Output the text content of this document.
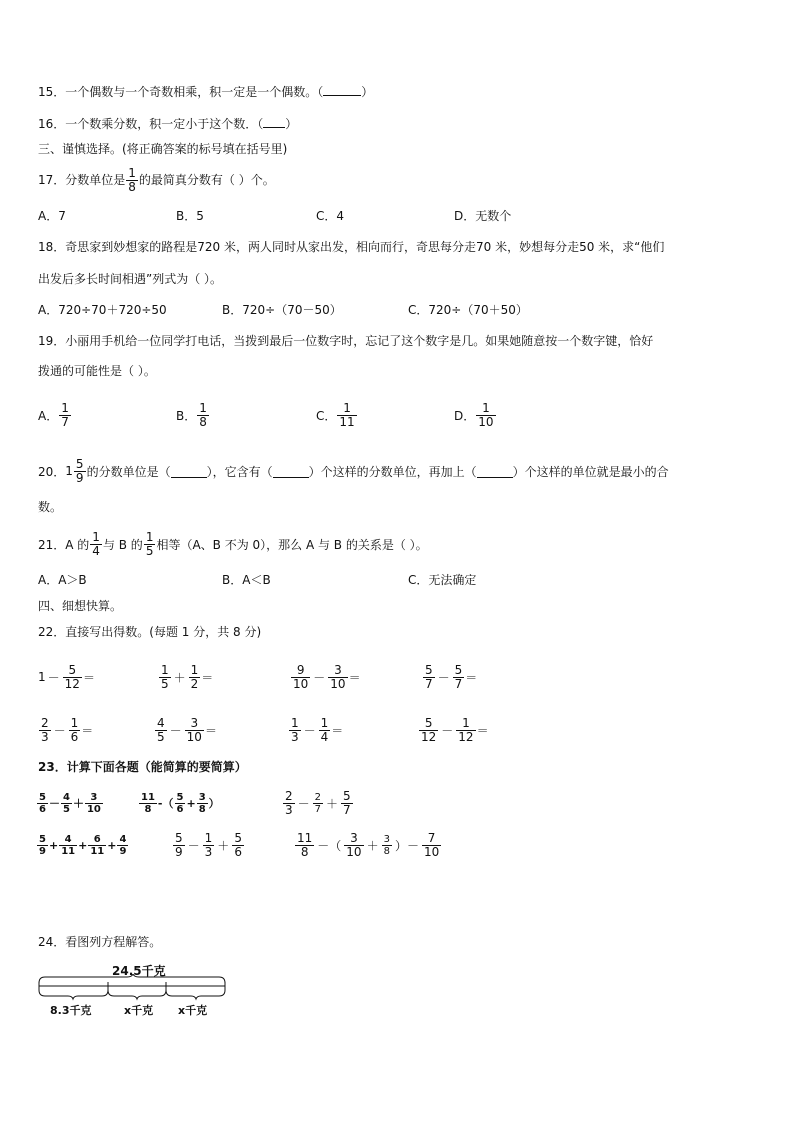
15．一个偶数与一个奇数相乘，积一定是一个偶数。（	）
16．一个数乘分数，积一定小于这个数．（ ）
三、谨慎选择。(将正确答案的标号填在括号里)
17．分数单位是 $\frac{1}{8}$ 的最简真分数有（ ）个。
A．7	B．5	C．4	D．无数个
18．奇思家到妙想家的路程是720 米，两人同时从家出发，相向而行，奇思每分走70 米，妙想每分走50 米，求“他们
出发后多长时间相遇”列式为（ ）。
A．720÷70＋720÷50	B．720÷（70－50）	C．720÷（70＋50）
19．小丽用手机给一位同学打电话，当拨到最后一位数字时，忘记了这个数字是几。如果她随意按一个数字键，恰好
拨通的可能性是（ ）。
A． $\frac{1}{7}$	B． $\frac{1}{8}$	C． $\frac{1}{11}$	D． $\frac{1}{10}$
20． $1 \frac{5}{9}$ 的分数单位是（	），它含有（	）个这样的分数单位，再加上（	）个这样的单位就是最小的合
数。
21．A 的 $\frac{1}{4}$ 与 B 的 $\frac{1}{5}$ 相等（A、B 不为 0），那么 A 与 B 的关系是（ ）。
A．A＞B	B．A＜B	C．无法确定
四、细想快算。
22．直接写出得数。(每题 1 分，共 8 分)
$1 - \frac{5}{12}$ ＝	$\frac{1}{5} + \frac{1}{2}$ ＝	$\frac{9}{10} - \frac{3}{10}$ ＝	$\frac{5}{7} - \frac{5}{7}$ ＝
$\frac{2}{3} - \frac{1}{6}$ ＝	$\frac{4}{5} - \frac{3}{10}$ ＝	$\frac{1}{3} - \frac{1}{4}$ ＝	$\frac{5}{12} - \frac{1}{12}$ ＝
23．计算下面各题（能简算的要简算）
$\frac{5}{6} - \frac{4}{5} + \frac{3}{10}$	$\frac{11}{8}$ -（ $\frac{5}{6} + \frac{3}{8}$ ）	$\frac{2}{3} - \frac{2}{7} + \frac{5}{7}$
$\frac{5}{9} + \frac{4}{11} + \frac{6}{11} + \frac{4}{9}$	$\frac{5}{9} - \frac{1}{3} + \frac{5}{6}$	$\frac{11}{8}$ －（ $\frac{3}{10} + \frac{3}{8}$ ）－ $\frac{7}{10}$
24．看图列方程解答。
24.5千克
8.3千克	x千克 x千克
